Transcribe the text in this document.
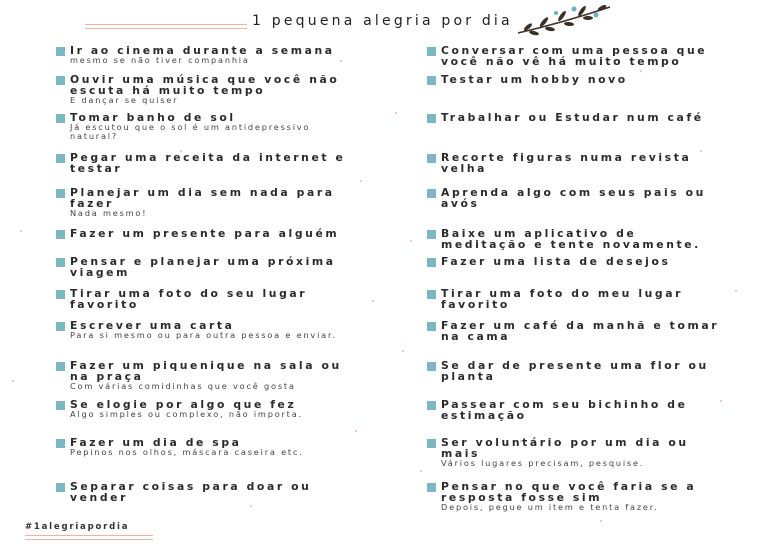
1 pequena alegria por dia
Ir ao cinema durante a semana
mesmo se não tiver companhia
Ouvir uma música que você não escuta há muito tempo
E dançar se quiser
Tomar banho de sol
Já escutou que o sol é um antidepressivo natural?
Pegar uma receita da internet e testar
Planejar um dia sem nada para fazer
Nada mesmo!
Fazer um presente para alguém
Pensar e planejar uma próxima viagem
Tirar uma foto do seu lugar favorito
Escrever uma carta
Para si mesmo ou para outra pessoa e enviar.
Fazer um piquenique na sala ou na praça
Com várias comidinhas que você gosta
Se elogie por algo que fez
Algo simples ou complexo, não importa.
Fazer um dia de spa
Pepinos nos olhos, máscara caseira etc.
Separar coisas para doar ou vender
Conversar com uma pessoa que você não vê há muito tempo
Testar um hobby novo
Trabalhar ou Estudar num café
Recorte figuras numa revista velha
Aprenda algo com seus pais ou avós
Baixe um aplicativo de meditação e tente novamente.
Fazer uma lista de desejos
Tirar uma foto do meu lugar favorito
Fazer um café da manhã e tomar na cama
Se dar de presente uma flor ou planta
Passear com seu bichinho de estimação
Ser voluntário por um dia ou mais
Vários lugares precisam, pesquise.
Pensar no que você faria se a resposta fosse sim
Depois, pegue um item e tenta fazer.
#1alegriapordia
